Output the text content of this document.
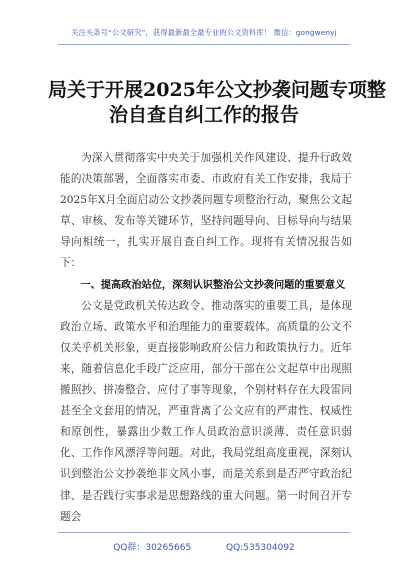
关注头条号“公文研究”，获得最新最全最专业的公文资料库！ 微信：gongwenyj
局关于开展2025年公文抄袭问题专项整
治自查自纠工作的报告

为深入贯彻落实中央关于加强机关作风建设、提升行政效能的决策部署，全面落实市委、市政府有关工作安排，我局于2025年X月全面启动公文抄袭问题专项整治行动，聚焦公文起草、审核、发布等关键环节，坚持问题导向、目标导向与结果导向相统一，扎实开展自查自纠工作。现将有关情况报告如下：

一、提高政治站位，深刻认识整治公文抄袭问题的重要意义

公文是党政机关传达政令、推动落实的重要工具，是体现政治立场、政策水平和治理能力的重要载体。高质量的公文不仅关乎机关形象，更直接影响政府公信力和政策执行力。近年来，随着信息化手段广泛应用，部分干部在公文起草中出现照搬照抄、拼凑整合、应付了事等现象，个别材料存在大段雷同甚至全文套用的情况，严重背离了公文应有的严肃性、权威性和原创性，暴露出少数工作人员政治意识淡薄、责任意识弱化、工作作风漂浮等问题。对此，我局党组高度重视，深刻认识到整治公文抄袭绝非文风小事，而是关系到是否严守政治纪律、是否践行实事求是思想路线的重大问题。第一时间召开专题会

QQ群：30265665	QQ:535304092
